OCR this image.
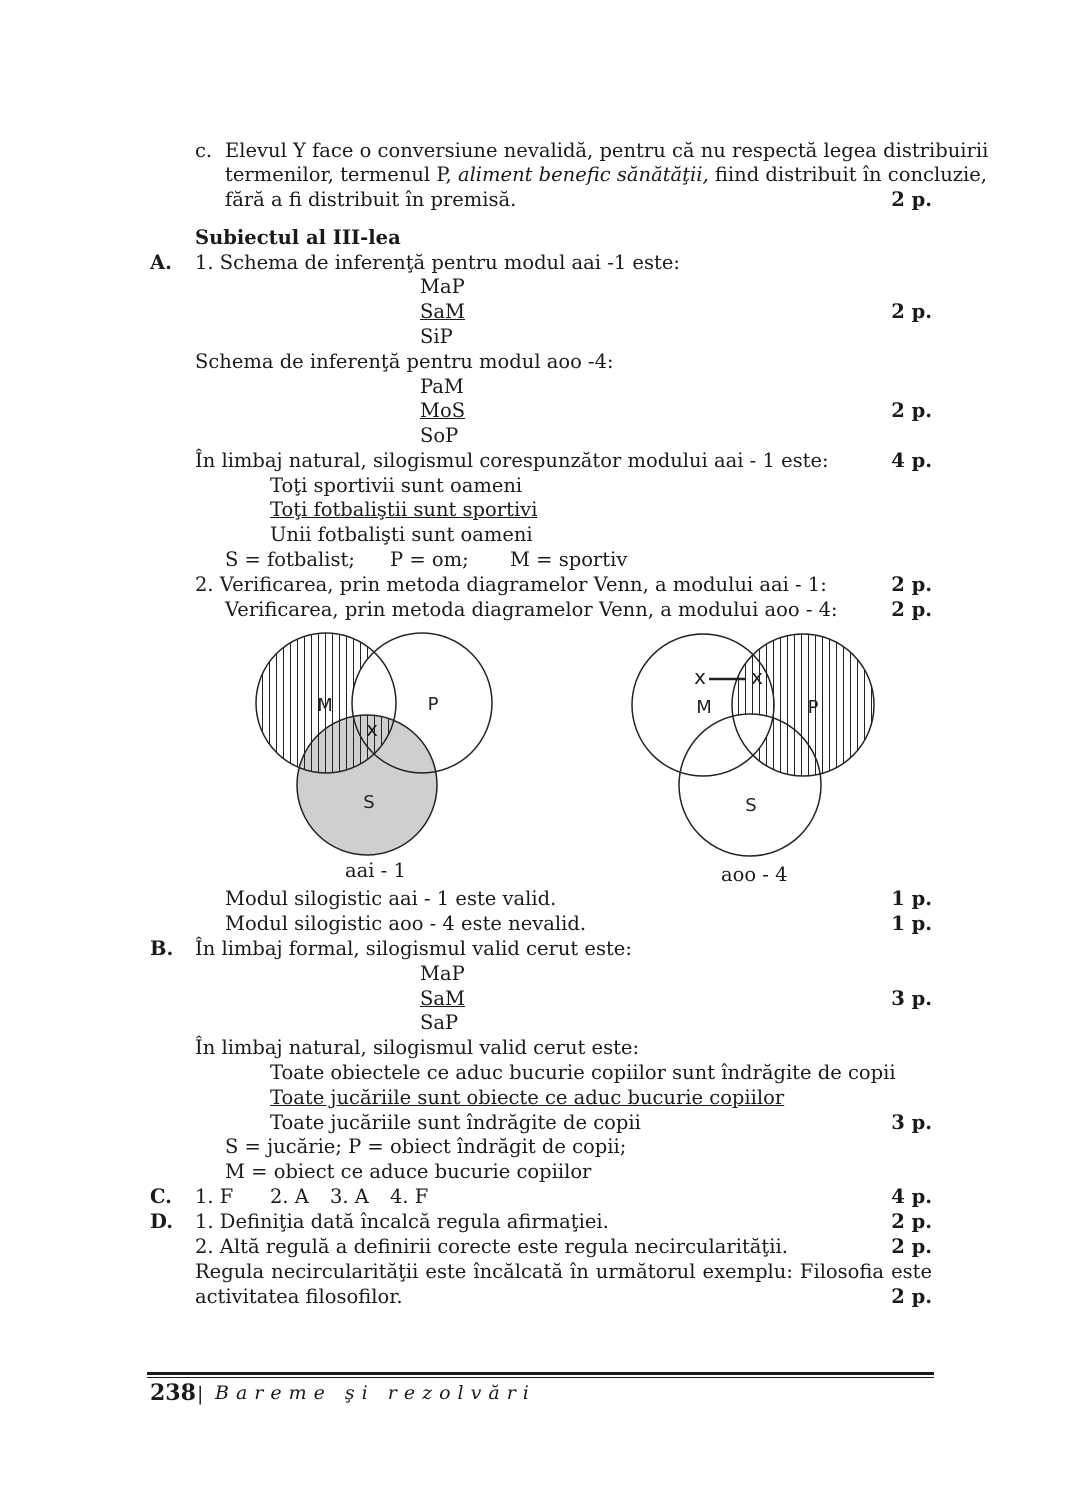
c. Elevul Y face o conversiune nevalidă, pentru că nu respectă legea distribuirii
termenilor, termenul P, aliment benefic sănătăţii, fiind distribuit în concluzie,
fără a fi distribuit în premisă.	2 p.
Subiectul al III-lea
A. 1. Schema de inferenţă pentru modul aai -1 este:
MaP
SaM
SiP
2 p.
Schema de inferenţă pentru modul aoo -4:
PaM
MoS
SoP
2 p.
În limbaj natural, silogismul corespunzător modului aai - 1 este:	4 p.
Toţi sportivii sunt oameni
Toţi fotbaliştii sunt sportivi
Unii fotbalişti sunt oameni
S = fotbalist; P = om; M = sportiv
2. Verificarea, prin metoda diagramelor Venn, a modului aai - 1:	2 p.
Verificarea, prin metoda diagramelor Venn, a modului aoo - 4:	2 p.
M	P
S
x
M	P
S
x x
aai - 1	aoo - 4
Modul silogistic aai - 1 este valid.	1 p.
Modul silogistic aoo - 4 este nevalid.	1 p.
B. În limbaj formal, silogismul valid cerut este:
MaP
SaM
SaP
3 p.
În limbaj natural, silogismul valid cerut este:
Toate obiectele ce aduc bucurie copiilor sunt îndrăgite de copii
Toate jucăriile sunt obiecte ce aduc bucurie copiilor
Toate jucăriile sunt îndrăgite de copii	3 p.
S = jucărie; P = obiect îndrăgit de copii;
M = obiect ce aduce bucurie copiilor
C. 1. F 2. A 3. A 4. F	4 p.
D. 1. Definiţia dată încalcă regula afirmaţiei.	2 p.
2. Altă regulă a definirii corecte este regula necircularităţii.	2 p.
Regula necircularităţii este încălcată în următorul exemplu: Filosofia este
activitatea filosofilor.	2 p.
238 | Bareme şi rezolvări
